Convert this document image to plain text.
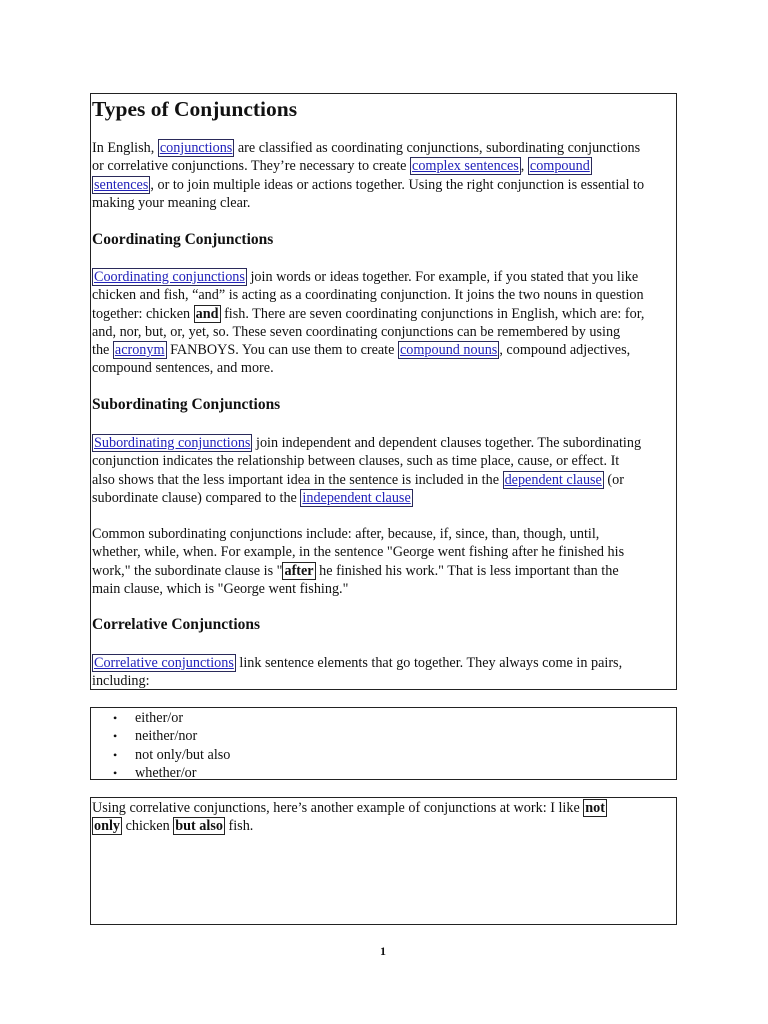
Types of Conjunctions
In English, conjunctions are classified as coordinating conjunctions, subordinating conjunctions
or correlative conjunctions. They’re necessary to create complex sentences , compound
sentences , or to join multiple ideas or actions together. Using the right conjunction is essential to
making your meaning clear.
Coordinating Conjunctions
Coordinating conjunctions join words or ideas together. For example, if you stated that you like
chicken and fish, “and” is acting as a coordinating conjunction. It joins the two nouns in question
together: chicken and fish. There are seven coordinating conjunctions in English, which are: for,
and, nor, but, or, yet, so. These seven coordinating conjunctions can be remembered by using
the acronym FANBOYS. You can use them to create compound nouns , compound adjectives,
compound sentences, and more.
Subordinating Conjunctions
Subordinating conjunctions join independent and dependent clauses together. The subordinating
conjunction indicates the relationship between clauses, such as time place, cause, or effect. It
also shows that the less important idea in the sentence is included in the dependent clause (or
subordinate clause) compared to the independent clause
Common subordinating conjunctions include: after, because, if, since, than, though, until,
whether, while, when. For example, in the sentence "George went fishing after he finished his
work," the subordinate clause is " after he finished his work." That is less important than the
main clause, which is "George went fishing."
Correlative Conjunctions
Correlative conjunctions link sentence elements that go together. They always come in pairs,
including:
• either/or
• neither/nor
• not only/but also
• whether/or
Using correlative conjunctions, here’s another example of conjunctions at work: I like not
only chicken but also fish.
1
